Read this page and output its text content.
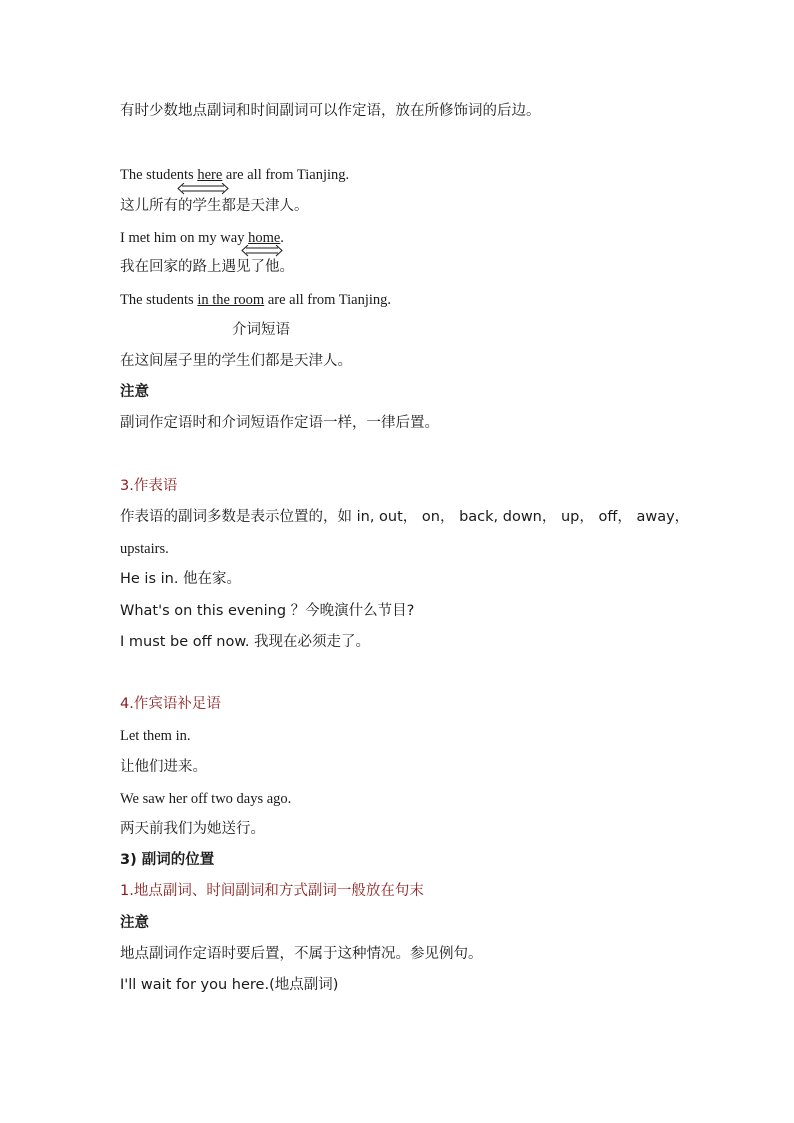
有时少数地点副词和时间副词可以作定语，放在所修饰词的后边。
The students here are all from Tianjing.
这儿所有的学生都是天津人。
I met him on my way home.
我在回家的路上遇见了他。
The students in the room are all from Tianjing.
介词短语
在这间屋子里的学生们都是天津人。
注意
副词作定语时和介词短语作定语一样，一律后置。
3.作表语
作表语的副词多数是表示位置的，如 in, out， on， back, down， up， off， away，
upstairs.
He is in. 他在家。
What's on this evening ？今晚演什么节目?
I must be off now. 我现在必须走了。
4.作宾语补足语
Let them in.
让他们进来。
We saw her off two days ago.
两天前我们为她送行。
3) 副词的位置
1.地点副词、时间副词和方式副词一般放在句末
注意
地点副词作定语时要后置，不属于这种情况。参见例句。
I'll wait for you here.(地点副词)
